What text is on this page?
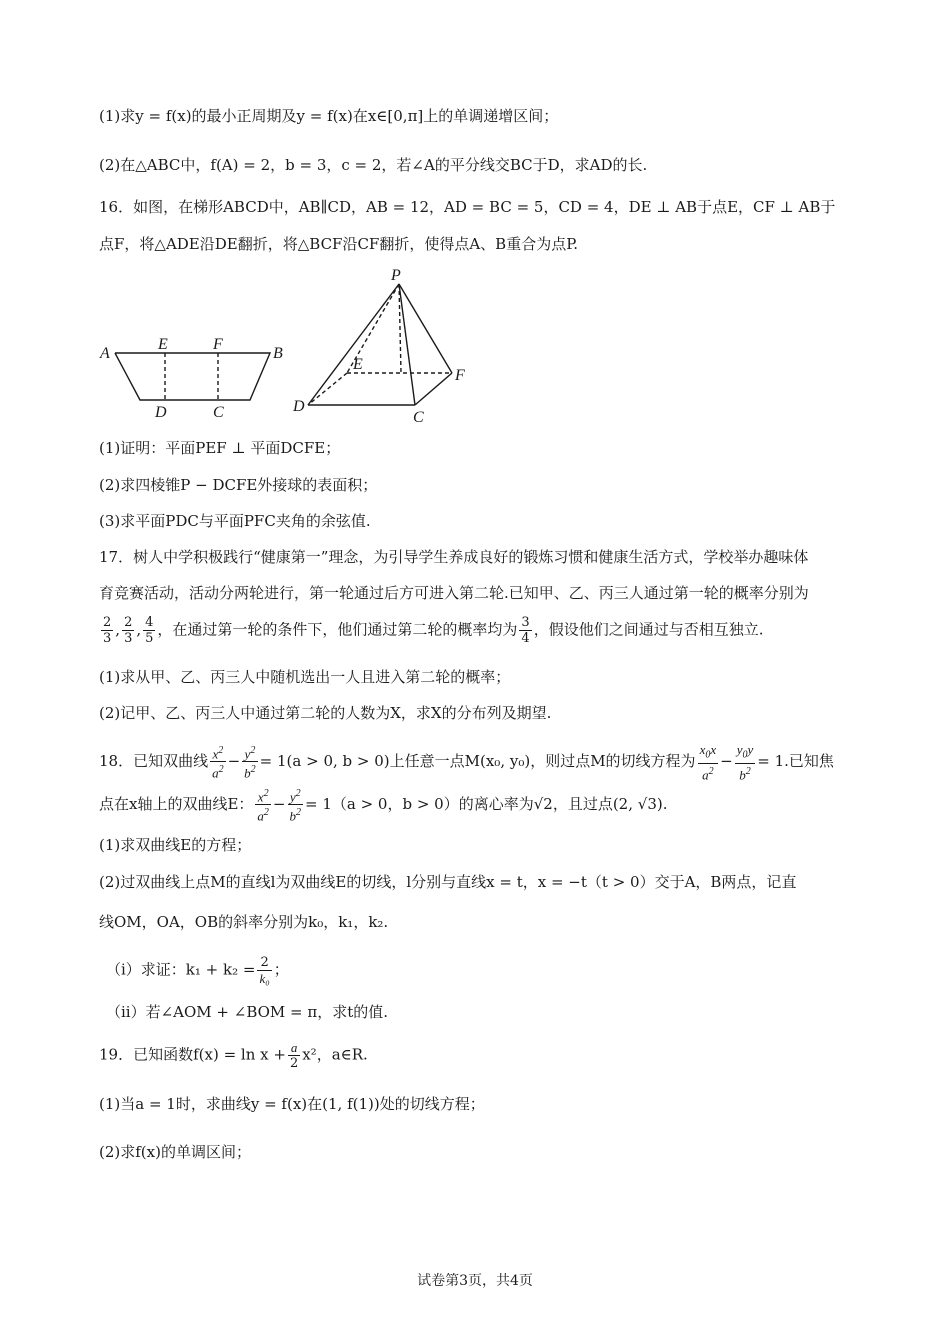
(1)求y = f(x)的最小正周期及y = f(x)在x∈[0,π]上的单调递增区间；
(2)在△ABC中，f(A) = 2，b = 3，c = 2，若∠A的平分线交BC于D，求AD的长.
16．如图，在梯形ABCD中，AB∥CD，AB = 12，AD = BC = 5，CD = 4，DE ⊥ AB于点E，CF ⊥ AB于
点F，将△ADE沿DE翻折，将△BCF沿CF翻折，使得点A、B重合为点P.
A	B
E	F
D	C
P
E
F
D
C
(1)证明：平面PEF ⊥ 平面DCFE；
(2)求四棱锥P − DCFE外接球的表面积；
(3)求平面PDC与平面PFC夹角的余弦值.
17．树人中学积极践行“健康第一”理念，为引导学生养成良好的锻炼习惯和健康生活方式，学校举办趣味体
育竞赛活动，活动分两轮进行，第一轮通过后方可进入第二轮.已知甲、乙、丙三人通过第一轮的概率分别为
$\frac{2}{3}$ , $\frac{2}{3}$ , $\frac{4}{5}$ ，在通过第一轮的条件下，他们通过第二轮的概率均为 $\frac{3}{4}$ ，假设他们之间通过与否相互独立.
(1)求从甲、乙、丙三人中随机选出一人且进入第二轮的概率；
(2)记甲、乙、丙三人中通过第二轮的人数为X，求X的分布列及期望.
18．已知双曲线 $\frac{x^2}{a^2} - \frac{y^2}{b^2} = 1(a > 0$, b > 0)上任意一点M(x₀, y₀)，则过点M的切线方程为 $\frac{x_0x}{a^2} - \frac{y_0y}{b^2} = 1$.已知焦
点在x轴上的双曲线E： $\frac{x^2}{a^2} - \frac{y^2}{b^2} = 1(a > 0$，b > 0）的离心率为√2，且过点(2, √3).
(1)求双曲线E的方程；
(2)过双曲线上点M的直线l为双曲线E的切线，l分别与直线x = t，x = −t（t > 0）交于A，B两点，记直
线OM，OA，OB的斜率分别为k₀，k₁，k₂.
（i）求证：$k_1 + k_2 = \frac{2}{\text{k₀}}$ ；
（ii）若∠AOM + ∠BOM = π，求t的值.
19．已知函数$f(x) = \ln x + \frac{a}{2} x^2$，a∈R.
(1)当a = 1时，求曲线y = f(x)在(1, f(1))处的切线方程；
(2)求f(x)的单调区间；
试卷第3页，共4页
